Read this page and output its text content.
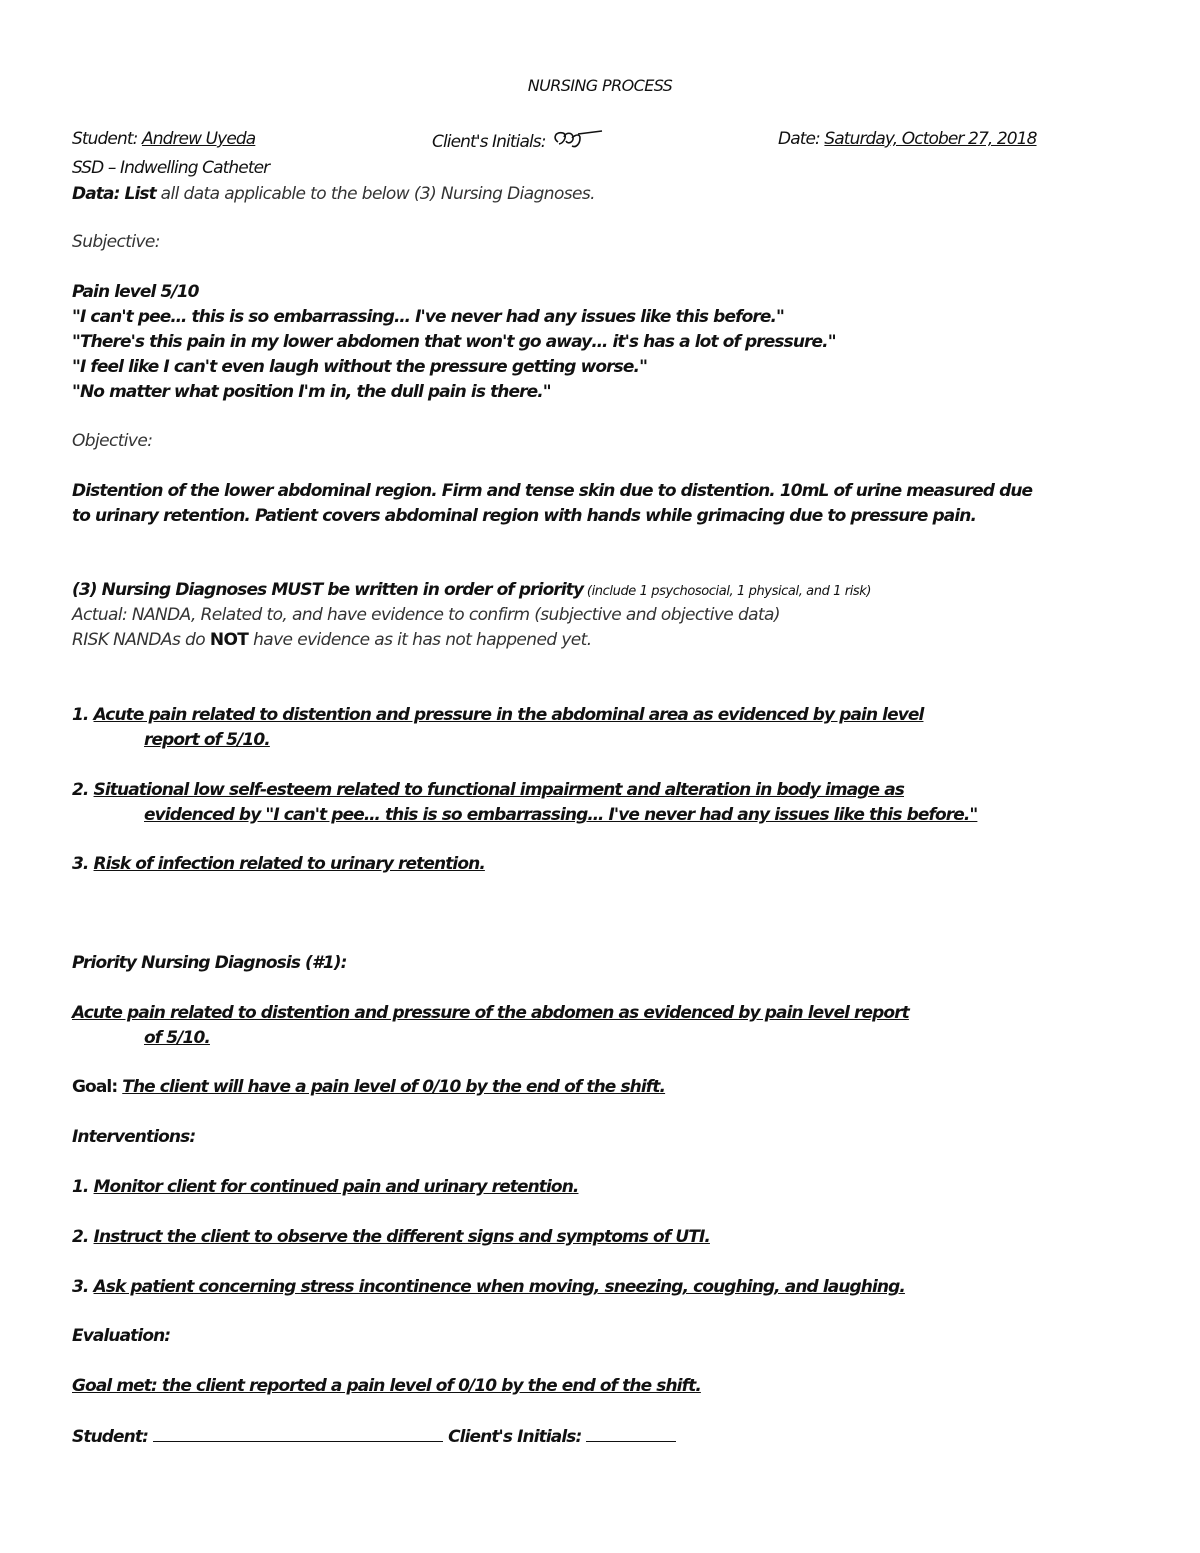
NURSING PROCESS
Student: Andrew Uyeda	Client's Initials:	Date: Saturday, October 27, 2018
SSD – Indwelling Catheter
Data: List all data applicable to the below (3) Nursing Diagnoses.
Subjective:
Pain level 5/10
"I can't pee… this is so embarrassing… I've never had any issues like this before."
"There's this pain in my lower abdomen that won't go away… it's has a lot of pressure."
"I feel like I can't even laugh without the pressure getting worse."
"No matter what position I'm in, the dull pain is there."
Objective:
Distention of the lower abdominal region. Firm and tense skin due to distention. 10mL of urine measured due
to urinary retention. Patient covers abdominal region with hands while grimacing due to pressure pain.
(3) Nursing Diagnoses MUST be written in order of priority (include 1 psychosocial, 1 physical, and 1 risk)
Actual: NANDA, Related to, and have evidence to confirm (subjective and objective data)
RISK NANDAs do NOT have evidence as it has not happened yet.
1. Acute pain related to distention and pressure in the abdominal area as evidenced by pain level
report of 5/10.
2. Situational low self-esteem related to functional impairment and alteration in body image as
evidenced by "I can't pee… this is so embarrassing… I've never had any issues like this before."
3. Risk of infection related to urinary retention.
Priority Nursing Diagnosis (#1):
Acute pain related to distention and pressure of the abdomen as evidenced by pain level report
of 5/10.
Goal: The client will have a pain level of 0/10 by the end of the shift.
Interventions:
1. Monitor client for continued pain and urinary retention.
2. Instruct the client to observe the different signs and symptoms of UTI.
3. Ask patient concerning stress incontinence when moving, sneezing, coughing, and laughing.
Evaluation:
Goal met: the client reported a pain level of 0/10 by the end of the shift.
Student:	Client's Initials:
